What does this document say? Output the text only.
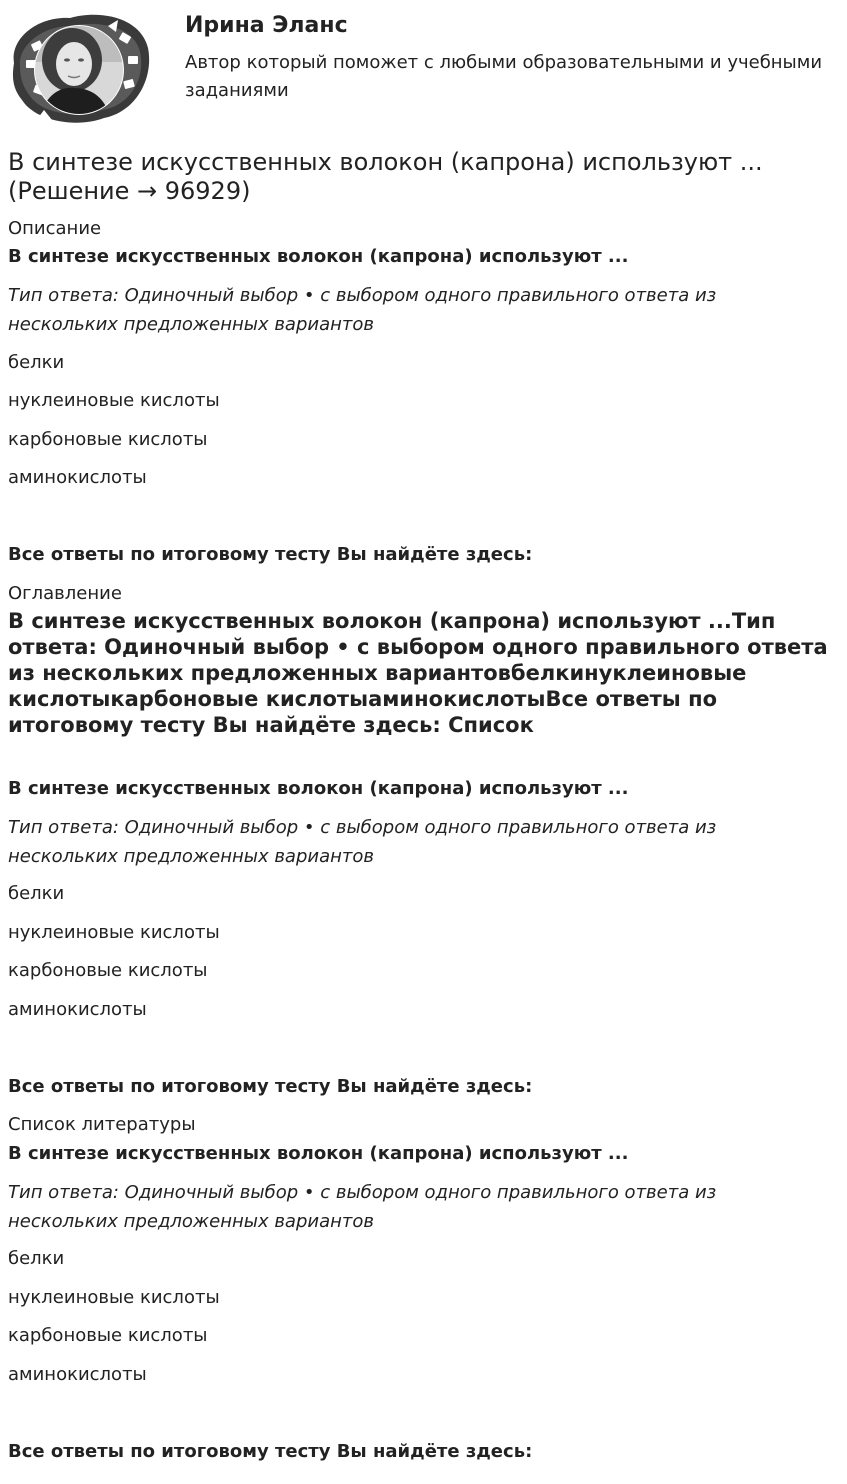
Ирина Эланс
Автор который поможет с любыми образовательными и учебными заданиями
В синтезе искусственных волокон (капрона) используют ... (Решение → 96929)
Описание
В синтезе искусственных волокон (капрона) используют ...
Тип ответа: Одиночный выбор • с выбором одного правильного ответа из нескольких предложенных вариантов
белки
нуклеиновые кислоты
карбоновые кислоты
аминокислоты
Все ответы по итоговому тесту Вы найдёте здесь:
Оглавление
В синтезе искусственных волокон (капрона) используют ...Тип ответа: Одиночный выбор • с выбором одного правильного ответа из нескольких предложенных вариантовбелкинуклеиновые кислотыкарбоновые кислотыаминокислотыВсе ответы по итоговому тесту Вы найдёте здесь: Список
В синтезе искусственных волокон (капрона) используют ...
Тип ответа: Одиночный выбор • с выбором одного правильного ответа из нескольких предложенных вариантов
белки
нуклеиновые кислоты
карбоновые кислоты
аминокислоты
Все ответы по итоговому тесту Вы найдёте здесь:
Список литературы
В синтезе искусственных волокон (капрона) используют ...
Тип ответа: Одиночный выбор • с выбором одного правильного ответа из нескольких предложенных вариантов
белки
нуклеиновые кислоты
карбоновые кислоты
аминокислоты
Все ответы по итоговому тесту Вы найдёте здесь:
